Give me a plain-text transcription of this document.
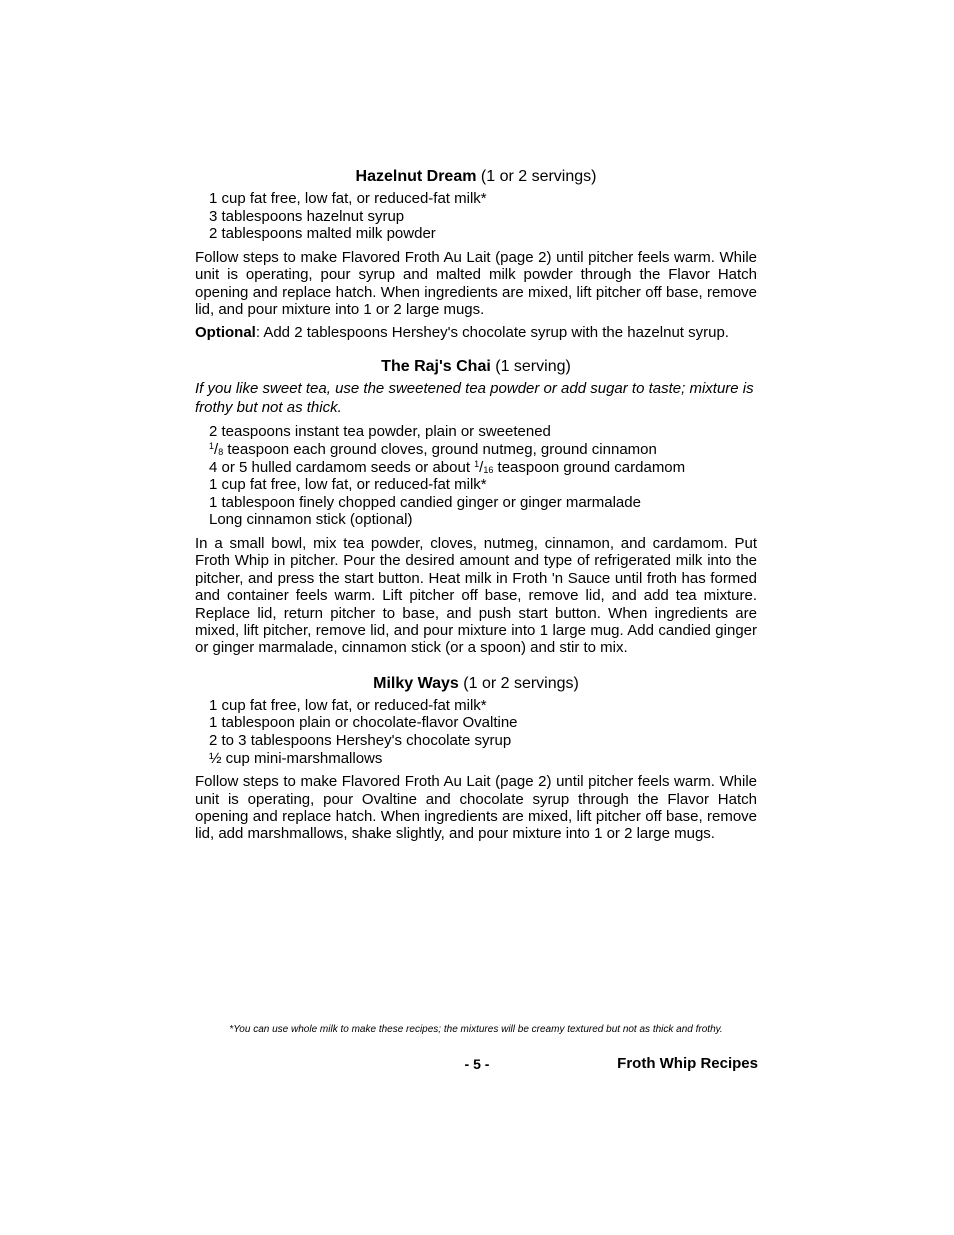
Hazelnut Dream (1 or 2 servings)
1 cup fat free, low fat, or reduced-fat milk*
3 tablespoons hazelnut syrup
2 tablespoons malted milk powder

Follow steps to make Flavored Froth Au Lait (page 2) until pitcher feels warm. While unit is operating, pour syrup and malted milk powder through the Flavor Hatch opening and replace hatch. When ingredients are mixed, lift pitcher off base, remove lid, and pour mixture into 1 or 2 large mugs.

Optional: Add 2 tablespoons Hershey's chocolate syrup with the hazelnut syrup.

The Raj's Chai (1 serving)

If you like sweet tea, use the sweetened tea powder or add sugar to taste; mixture is frothy but not as thick.

2 teaspoons instant tea powder, plain or sweetened
$^1/_8$ teaspoon each ground cloves, ground nutmeg, ground cinnamon
4 or 5 hulled cardamom seeds or about $^1/_{16}$ teaspoon ground cardamom
1 cup fat free, low fat, or reduced-fat milk*
1 tablespoon finely chopped candied ginger or ginger marmalade
Long cinnamon stick (optional)

In a small bowl, mix tea powder, cloves, nutmeg, cinnamon, and cardamom. Put Froth Whip in pitcher. Pour the desired amount and type of refrigerated milk into the pitcher, and press the start button. Heat milk in Froth 'n Sauce until froth has formed and container feels warm. Lift pitcher off base, remove lid, and add tea mixture. Replace lid, return pitcher to base, and push start button. When ingredients are mixed, lift pitcher, remove lid, and pour mixture into 1 large mug. Add candied ginger or ginger marmalade, cinnamon stick (or a spoon) and stir to mix.

Milky Ways (1 or 2 servings)
1 cup fat free, low fat, or reduced-fat milk*
1 tablespoon plain or chocolate-flavor Ovaltine
2 to 3 tablespoons Hershey's chocolate syrup
½ cup mini-marshmallows

Follow steps to make Flavored Froth Au Lait (page 2) until pitcher feels warm. While unit is operating, pour Ovaltine and chocolate syrup through the Flavor Hatch opening and replace hatch. When ingredients are mixed, lift pitcher off base, remove lid, add marshmallows, shake slightly, and pour mixture into 1 or 2 large mugs.

*You can use whole milk to make these recipes; the mixtures will be creamy textured but not as thick and frothy.
- 5 -	Froth Whip Recipes
